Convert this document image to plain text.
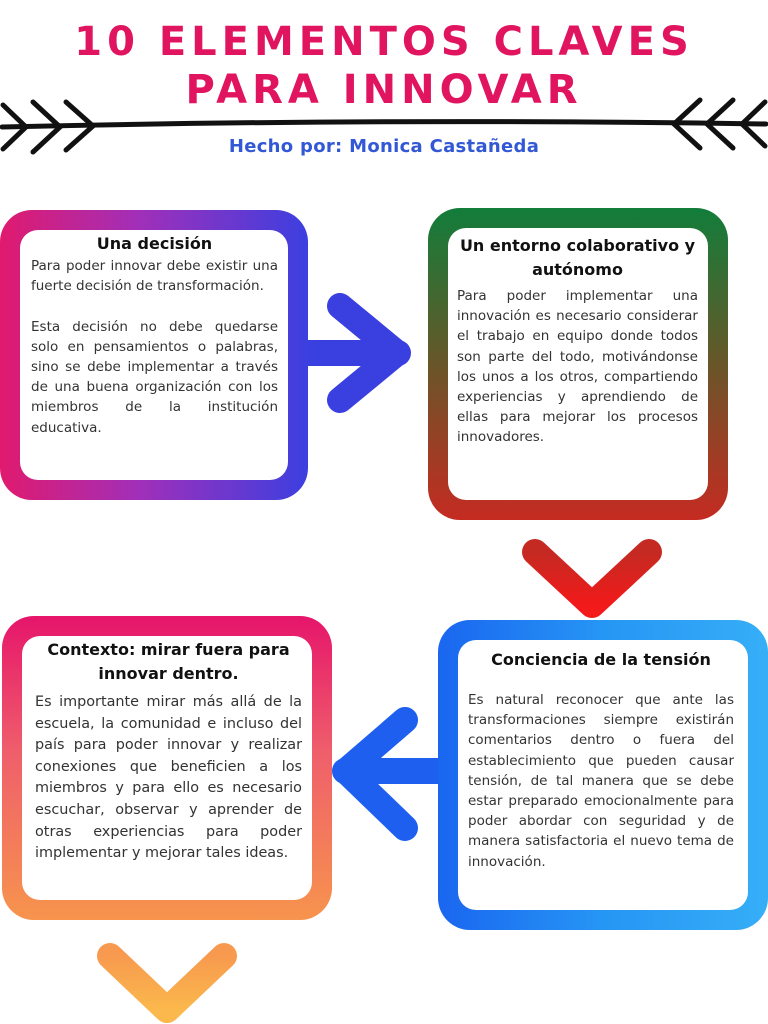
10 ELEMENTOS CLAVES
PARA INNOVAR
Hecho por: Monica Castañeda
Una decisión

Para poder innovar debe existir una fuerte decisión de transformación.

Esta decisión no debe quedarse solo en pensamientos o palabras, sino se debe implementar a través de una buena organización con los miembros de la institución educativa.

Un entorno colaborativo y autónomo

Para poder implementar una innovación es necesario considerar el trabajo en equipo donde todos son parte del todo, motivándonse los unos a los otros, compartiendo experiencias y aprendiendo de ellas para mejorar los procesos innovadores.

Contexto: mirar fuera para innovar dentro.

Es importante mirar más allá de la escuela, la comunidad e incluso del país para poder innovar y realizar conexiones que beneficien a los miembros y para ello es necesario escuchar, observar y aprender de otras experiencias para poder implementar y mejorar tales ideas.

Conciencia de la tensión

Es natural reconocer que ante las transformaciones siempre existirán comentarios dentro o fuera del establecimiento que pueden causar tensión, de tal manera que se debe estar preparado emocionalmente para poder abordar con seguridad y de manera satisfactoria el nuevo tema de innovación.
